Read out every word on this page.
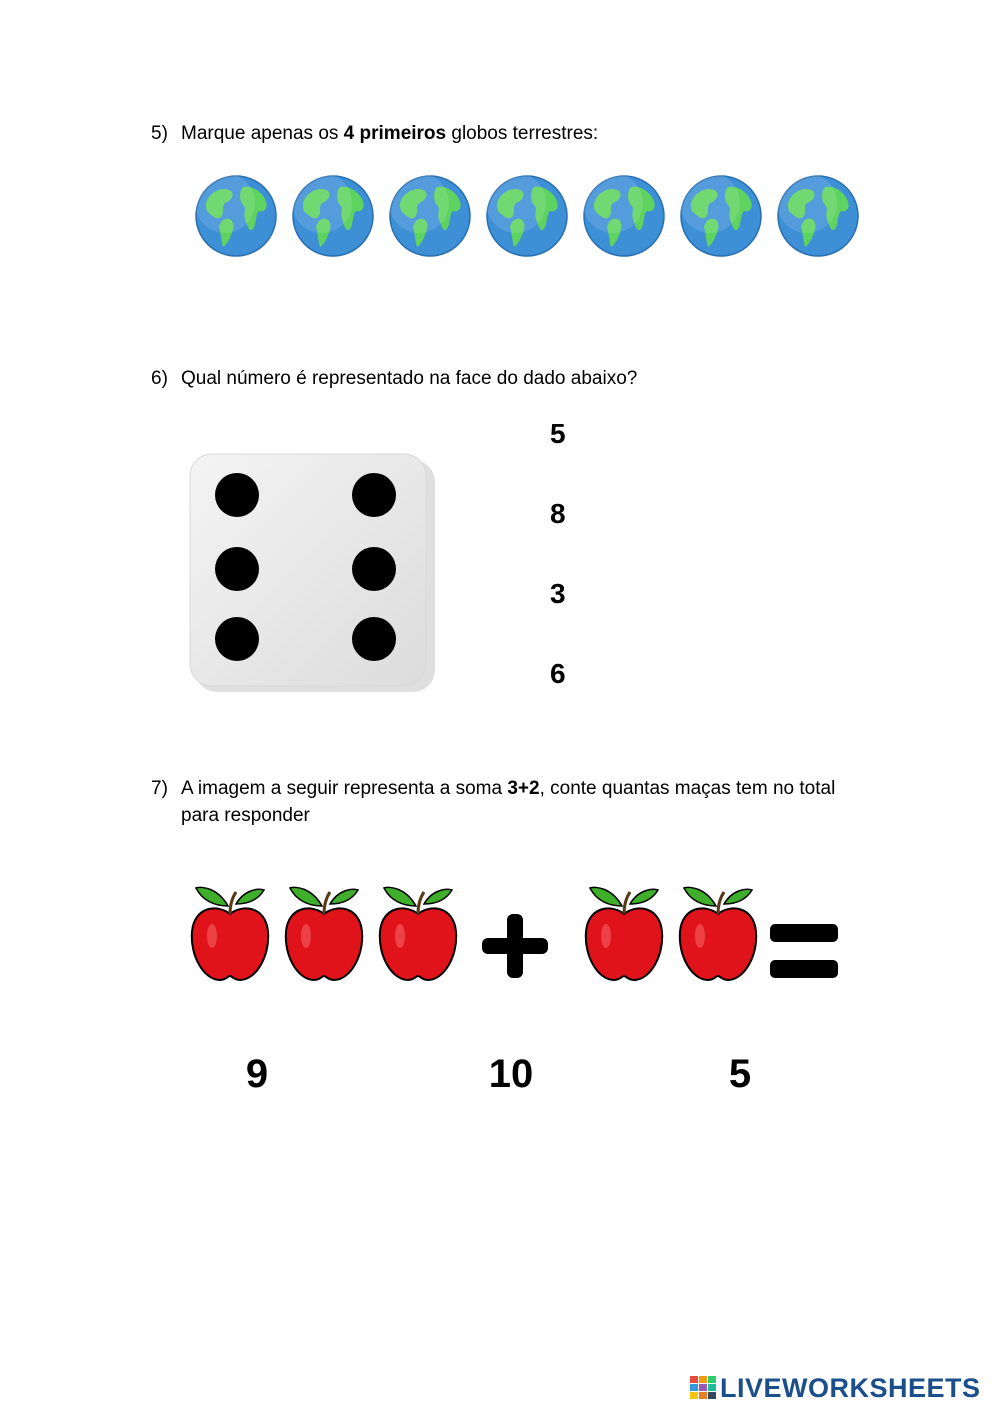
5) Marque apenas os 4 primeiros globos terrestres:
6) Qual número é representado na face do dado abaixo?
5
8
3
6
7) A imagem a seguir representa a soma 3+2, conte quantas maças tem no total
para responder
9	10	5
LIVEWORKSHEETS
